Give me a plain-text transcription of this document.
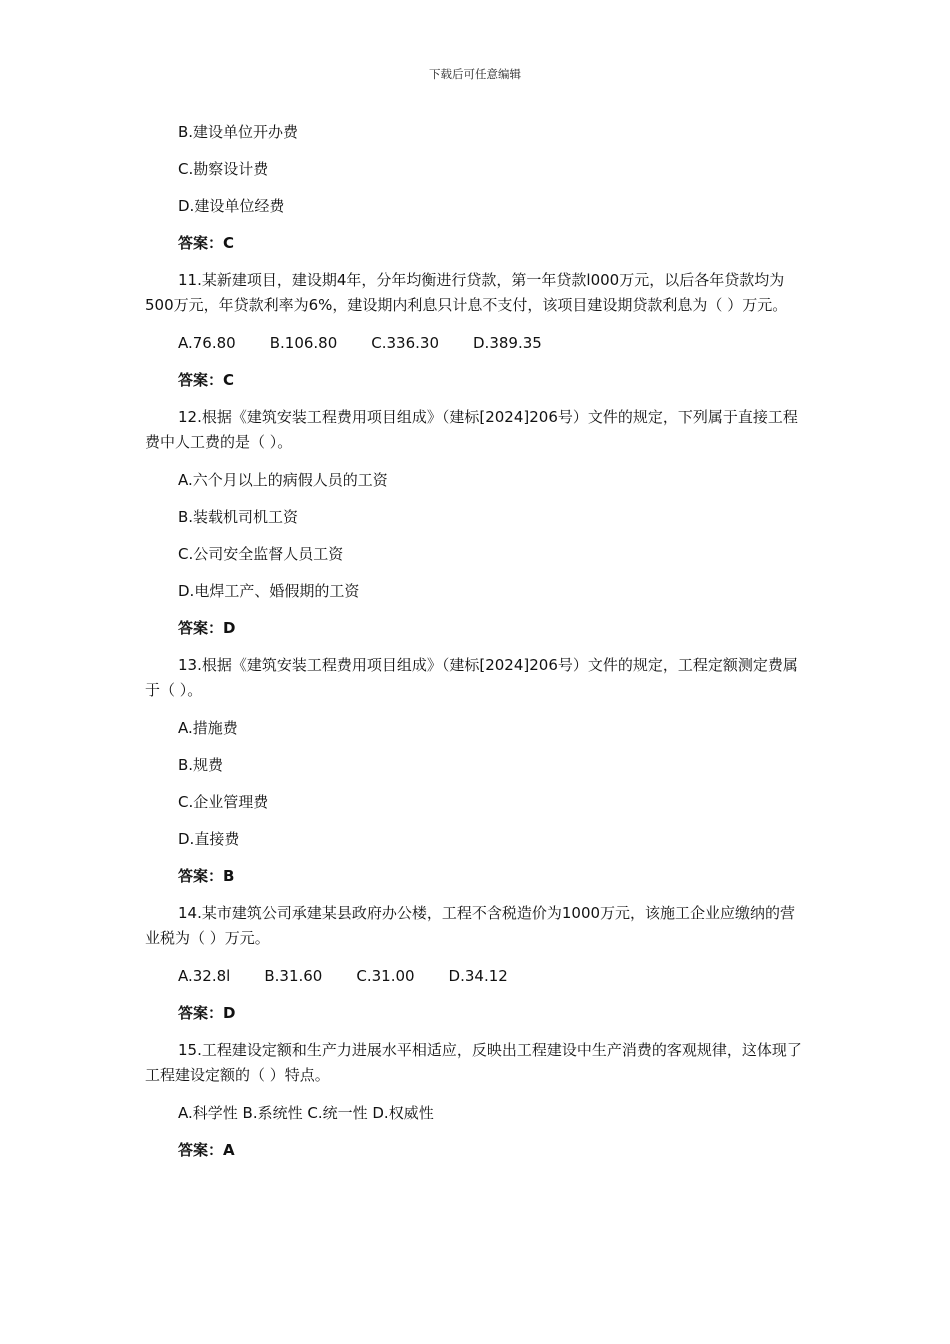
下载后可任意编辑

B.建设单位开办费

C.勘察设计费

D.建设单位经费

答案：C

11.某新建项目，建设期4年，分年均衡进行贷款，第一年贷款l000万元，以后各年贷款均为500万元，年贷款利率为6%，建设期内利息只计息不支付，该项目建设期贷款利息为（ ）万元。

A.76.80 B.106.80 C.336.30 D.389.35

答案：C

12.根据《建筑安装工程费用项目组成》（建标[2024]206号）文件的规定，下列属于直接工程费中人工费的是（ ）。

A.六个月以上的病假人员的工资

B.装载机司机工资

C.公司安全监督人员工资

D.电焊工产、婚假期的工资

答案：D

13.根据《建筑安装工程费用项目组成》（建标[2024]206号）文件的规定，工程定额测定费属于（ ）。

A.措施费

B.规费

C.企业管理费

D.直接费

答案：B

14.某市建筑公司承建某县政府办公楼，工程不含税造价为1000万元，该施工企业应缴纳的营业税为（ ）万元。

A.32.8l B.31.60 C.31.00 D.34.12

答案：D

15.工程建设定额和生产力进展水平相适应，反映出工程建设中生产消费的客观规律，这体现了工程建设定额的（ ）特点。

A.科学性 B.系统性 C.统一性 D.权威性

答案：A
